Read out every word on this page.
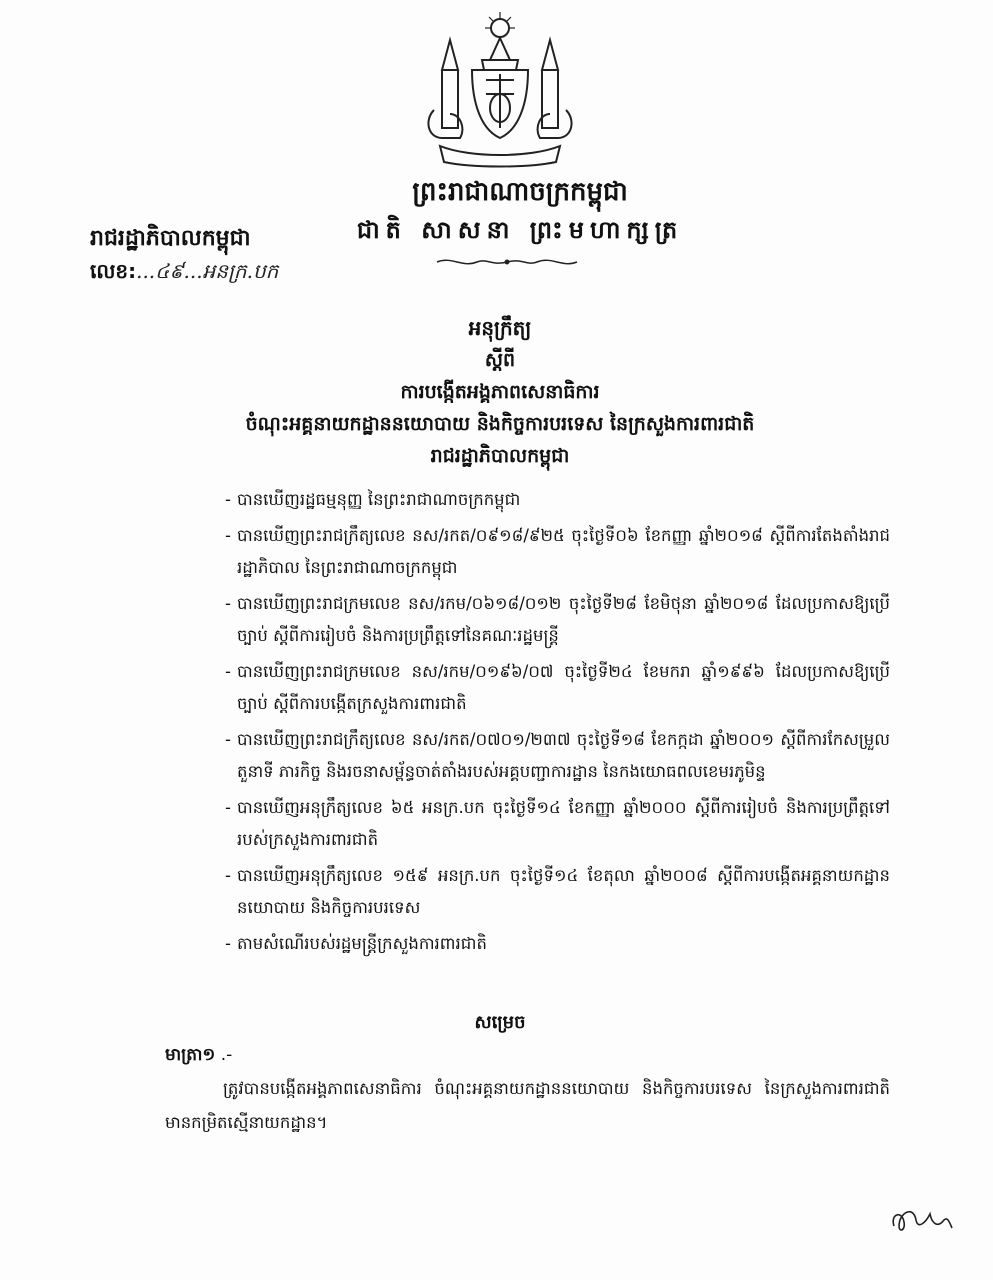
ព្រះរាជាណាចក្រកម្ពុជា
ជាតិ សាសនា ព្រះមហាក្សត្រ
រាជរដ្ឋាភិបាលកម្ពុជា
លេខ:...៤៩...អនក្រ.បក
អនុក្រឹត្យ
ស្តីពី
ការបង្កើតអង្គភាពសេនាធិការ
ចំណុះអគ្គនាយកដ្ឋាននយោបាយ និងកិច្ចការបរទេស នៃក្រសួងការពារជាតិ
រាជរដ្ឋាភិបាលកម្ពុជា
- បានឃើញរដ្ឋធម្មនុញ្ញ នៃព្រះរាជាណាចក្រកម្ពុជា
- បានឃើញព្រះរាជក្រឹត្យលេខ នស/រកត/០៩១៨/៩២៥ ចុះថ្ងៃទី០៦ ខែកញ្ញា ឆ្នាំ២០១៨ ស្តីពីការតែងតាំងរាជរដ្ឋាភិបាល នៃព្រះរាជាណាចក្រកម្ពុជា
- បានឃើញព្រះរាជក្រមលេខ នស/រកម/០៦១៨/០១២ ចុះថ្ងៃទី២៨ ខែមិថុនា ឆ្នាំ២០១៨ ដែលប្រកាសឱ្យប្រើច្បាប់ ស្តីពីការរៀបចំ និងការប្រព្រឹត្តទៅនៃគណៈរដ្ឋមន្ត្រី
- បានឃើញព្រះរាជក្រមលេខ នស/រកម/០១៩៦/០៧ ចុះថ្ងៃទី២៤ ខែមករា ឆ្នាំ១៩៩៦ ដែលប្រកាសឱ្យប្រើច្បាប់ ស្តីពីការបង្កើតក្រសួងការពារជាតិ
- បានឃើញព្រះរាជក្រឹត្យលេខ នស/រកត/០៧០១/២៣៧ ចុះថ្ងៃទី១៨ ខែកក្កដា ឆ្នាំ២០០១ ស្តីពីការកែសម្រួលតួនាទី ភារកិច្ច និងរចនាសម្ព័ន្ធចាត់តាំងរបស់អគ្គបញ្ជាការដ្ឋាន នៃកងយោធពលខេមរភូមិន្ទ
- បានឃើញអនុក្រឹត្យលេខ ៦៥ អនក្រ.បក ចុះថ្ងៃទី១៤ ខែកញ្ញា ឆ្នាំ២០០០ ស្តីពីការរៀបចំ និងការប្រព្រឹត្តទៅរបស់ក្រសួងការពារជាតិ
- បានឃើញអនុក្រឹត្យលេខ ១៥៩ អនក្រ.បក ចុះថ្ងៃទី១៤ ខែតុលា ឆ្នាំ២០០៨ ស្តីពីការបង្កើតអគ្គនាយកដ្ឋាននយោបាយ និងកិច្ចការបរទេស
- តាមសំណើរបស់រដ្ឋមន្ត្រីក្រសួងការពារជាតិ
សម្រេច
មាត្រា១ .-
ត្រូវបានបង្កើតអង្គភាពសេនាធិការ ចំណុះអគ្គនាយកដ្ឋាននយោបាយ និងកិច្ចការបរទេស នៃក្រសួងការពារជាតិ មានកម្រិតស្មើនាយកដ្ឋាន។
